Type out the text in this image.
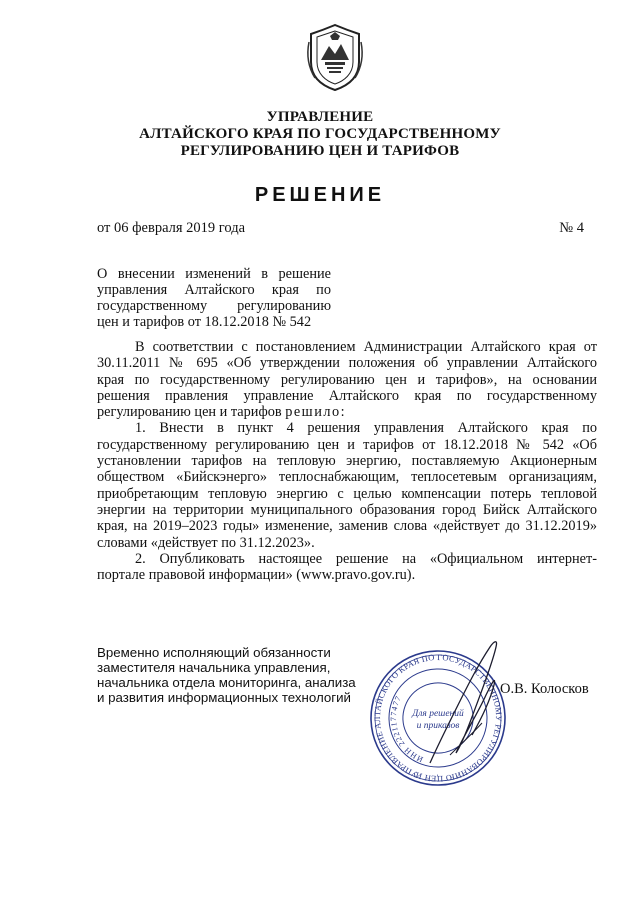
УПРАВЛЕНИЕ
АЛТАЙСКОГО КРАЯ ПО ГОСУДАРСТВЕННОМУ
РЕГУЛИРОВАНИЮ ЦЕН И ТАРИФОВ
РЕШЕНИЕ
от 06 февраля 2019 года	№ 4
О внесении изменений в решение
управления Алтайского края по
государственному регулированию
цен и тарифов от 18.12.2018 № 542
В соответствии с постановлением Администрации Алтайского края от
30.11.2011 № 695 «Об утверждении положения об управлении Алтайского
края по государственному регулированию цен и тарифов», на основании
решения правления управление Алтайского края по государственному
регулированию цен и тарифов решило:
1. Внести в пункт 4 решения управления Алтайского края по
государственному регулированию цен и тарифов от 18.12.2018 № 542 «Об
установлении тарифов на тепловую энергию, поставляемую Акционерным
обществом «Бийскэнерго» теплоснабжающим, теплосетевым организациям,
приобретающим тепловую энергию с целью компенсации потерь тепловой
энергии на территории муниципального образования город Бийск Алтайского
края, на 2019–2023 годы» изменение, заменив слова «действует до 31.12.2019»
словами «действует по 31.12.2023».
2. Опубликовать настоящее решение на «Официальном интернет-
портале правовой информации» (www.pravo.gov.ru).
Временно исполняющий обязанности
заместителя начальника управления,
начальника отдела мониторинга, анализа
и развития информационных технологий
УПРАВЛЕНИЕ АЛТАЙСКОГО КРАЯ ПО ГОСУДАРСТВЕННОМУ РЕГУЛИРОВАНИЮ ЦЕН И
ИНН 2221177477
Для решений
и приказов
О.В. Колосков
